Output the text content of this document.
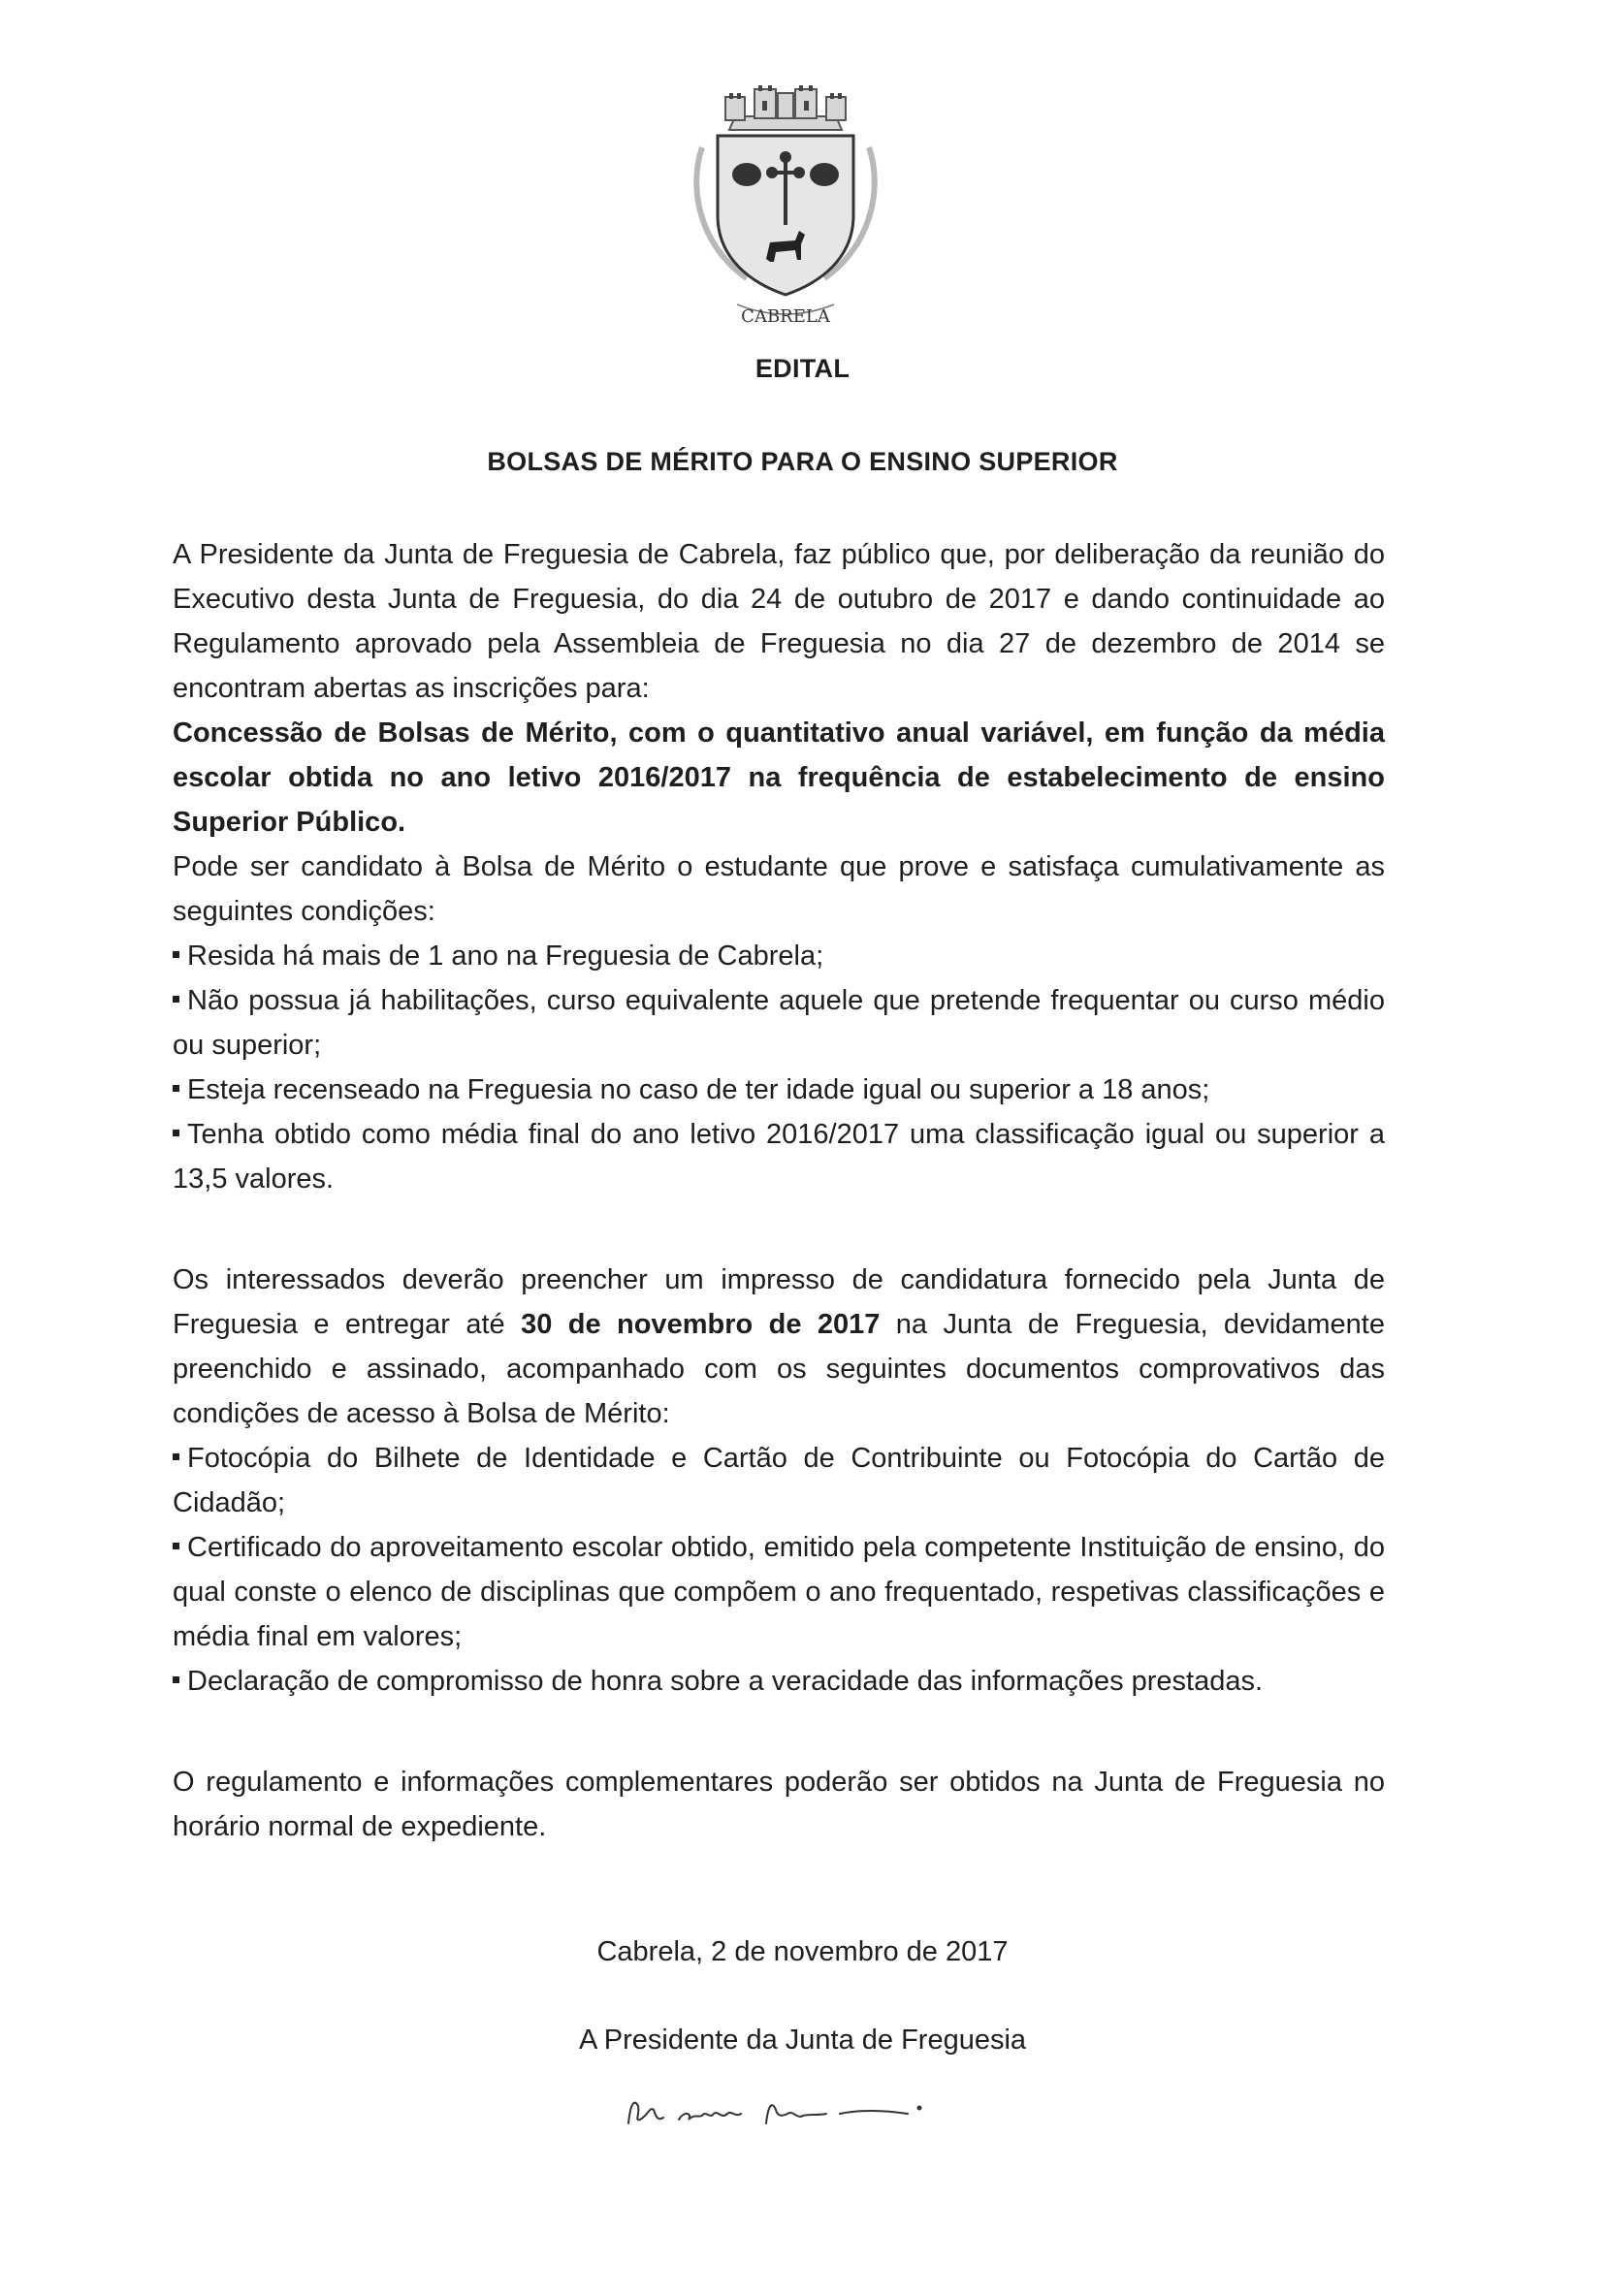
CABRELA
EDITAL
BOLSAS DE MÉRITO PARA O ENSINO SUPERIOR

A Presidente da Junta de Freguesia de Cabrela, faz público que, por deliberação da reunião do Executivo desta Junta de Freguesia, do dia 24 de outubro de 2017 e dando continuidade ao Regulamento aprovado pela Assembleia de Freguesia no dia 27 de dezembro de 2014 se encontram abertas as inscrições para:

Concessão de Bolsas de Mérito, com o quantitativo anual variável, em função da média escolar obtida no ano letivo 2016/2017 na frequência de estabelecimento de ensino Superior Público.

Pode ser candidato à Bolsa de Mérito o estudante que prove e satisfaça cumulativamente as seguintes condições:

Resida há mais de 1 ano na Freguesia de Cabrela;

Não possua já habilitações, curso equivalente aquele que pretende frequentar ou curso médio ou superior;

Esteja recenseado na Freguesia no caso de ter idade igual ou superior a 18 anos;

Tenha obtido como média final do ano letivo 2016/2017 uma classificação igual ou superior a 13,5 valores.

Os interessados deverão preencher um impresso de candidatura fornecido pela Junta de Freguesia e entregar até 30 de novembro de 2017 na Junta de Freguesia, devidamente preenchido e assinado, acompanhado com os seguintes documentos comprovativos das condições de acesso à Bolsa de Mérito:

Fotocópia do Bilhete de Identidade e Cartão de Contribuinte ou Fotocópia do Cartão de Cidadão;

Certificado do aproveitamento escolar obtido, emitido pela competente Instituição de ensino, do qual conste o elenco de disciplinas que compõem o ano frequentado, respetivas classificações e média final em valores;

Declaração de compromisso de honra sobre a veracidade das informações prestadas.

O regulamento e informações complementares poderão ser obtidos na Junta de Freguesia no horário normal de expediente.

Cabrela, 2 de novembro de 2017
A Presidente da Junta de Freguesia
